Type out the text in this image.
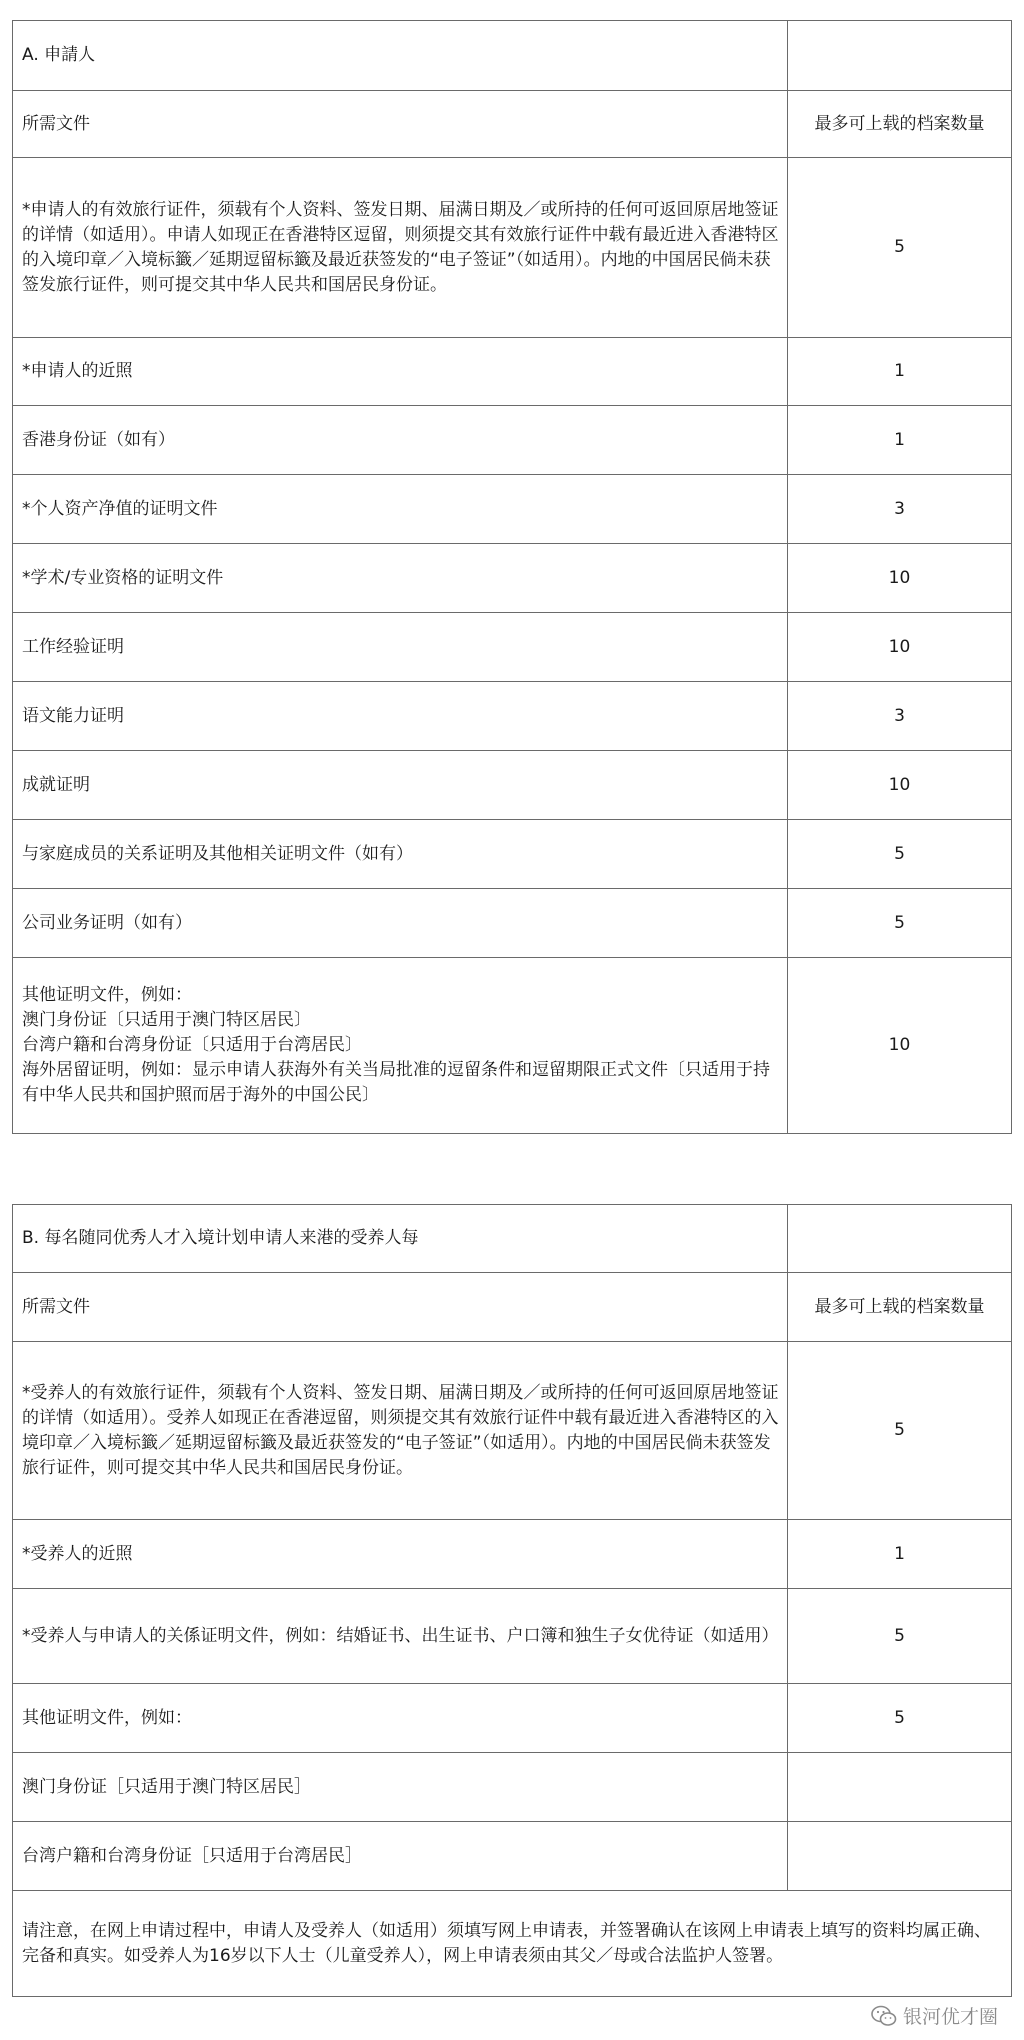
A. 申請人	
所需文件	最多可上载的档案数量
*申请人的有效旅行证件，须载有个人资料、签发日期、届满日期及／或所持的任何可返回原居地签证的详情（如适用）。申请人如现正在香港特区逗留，则须提交其有效旅行证件中载有最近进入香港特区的入境印章／入境标籤／延期逗留标籤及最近获签发的“电子签证”（如适用）。内地的中国居民倘未获签发旅行证件，则可提交其中华人民共和国居民身份证。	5
*申请人的近照	1
香港身份证（如有）	1
*个人资产净值的证明文件	3
*学术/专业资格的证明文件	10
工作经验证明	10
语文能力证明	3
成就证明	10
与家庭成员的关系证明及其他相关证明文件（如有）	5
公司业务证明（如有）	5
其他证明文件，例如：
澳门身份证〔只适用于澳门特区居民〕
台湾户籍和台湾身份证〔只适用于台湾居民〕
海外居留证明，例如：显示申请人获海外有关当局批准的逗留条件和逗留期限正式文件〔只适用于持有中华人民共和国护照而居于海外的中国公民〕	10
B. 每名随同优秀人才入境计划申请人来港的受养人每	
所需文件	最多可上载的档案数量
*受养人的有效旅行证件，须载有个人资料、签发日期、届满日期及／或所持的任何可返回原居地签证的详情（如适用）。受养人如现正在香港逗留，则须提交其有效旅行证件中载有最近进入香港特区的入境印章／入境标籤／延期逗留标籤及最近获签发的“电子签证”（如适用）。内地的中国居民倘未获签发旅行证件，则可提交其中华人民共和国居民身份证。	5
*受养人的近照	1
*受养人与申请人的关係证明文件，例如：结婚证书、出生证书、户口簿和独生子女优待证（如适用）	5
其他证明文件，例如：	5
澳门身份证［只适用于澳门特区居民］	
台湾户籍和台湾身份证［只适用于台湾居民］	
请注意，在网上申请过程中，申请人及受养人（如适用）须填写网上申请表，并签署确认在该网上申请表上填写的资料均属正确、完备和真实。如受养人为16岁以下人士（儿童受养人），网上申请表须由其父／母或合法监护人签署。	
银河优才圈
